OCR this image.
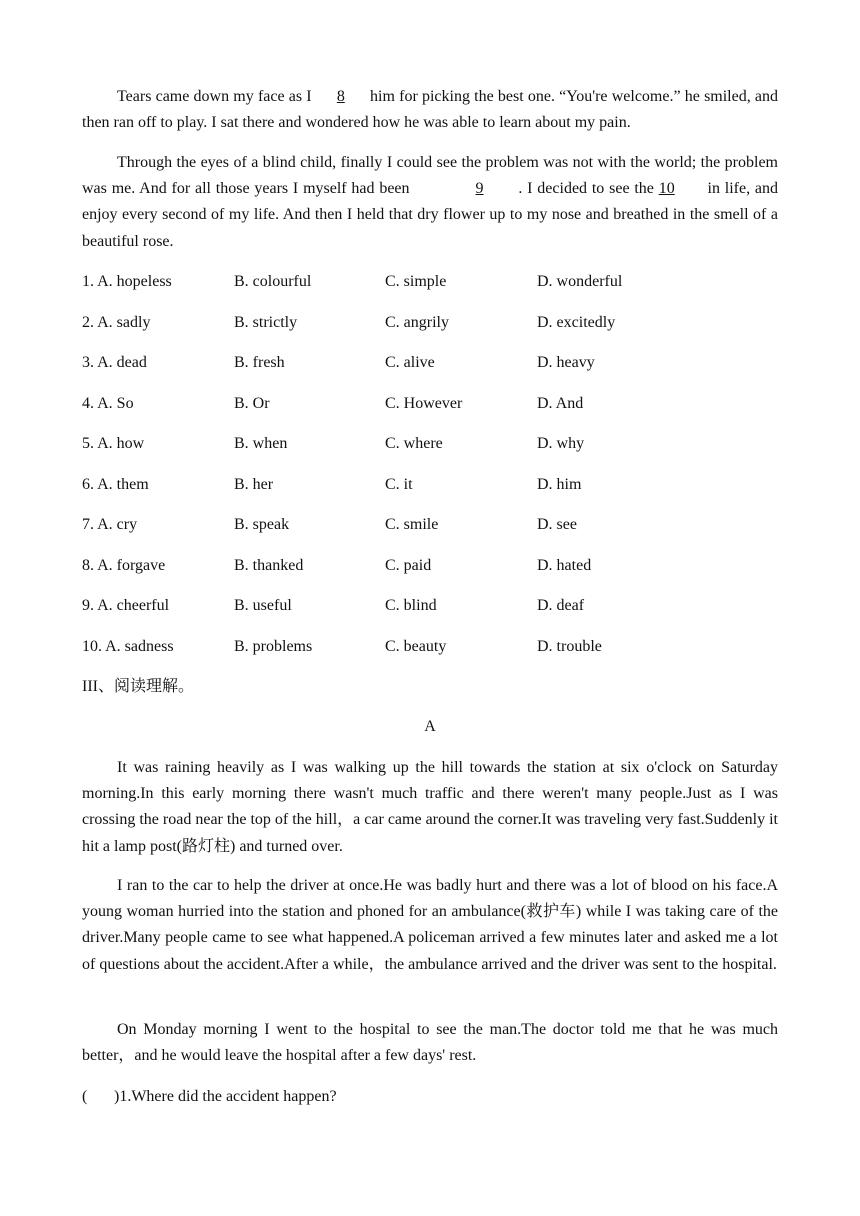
Tears came down my face as I 8 him for picking the best one. “You're welcome.” he smiled, and then ran off to play. I sat there and wondered how he was able to learn about my pain.

Through the eyes of a blind child, finally I could see the problem was not with the world; the problem was me. And for all those years I myself had been	9 . I decided to see the 10 in life, and enjoy every second of my life. And then I held that dry flower up to my nose and breathed in the smell of a beautiful rose.

1. A. hopeless	B. colourful	C. simple	D. wonderful
2. A. sadly	B. strictly	C. angrily	D. excitedly
3. A. dead	B. fresh	C. alive	D. heavy
4. A. So	B. Or	C. However	D. And
5. A. how	B. when	C. where	D. why
6. A. them	B. her	C. it	D. him
7. A. cry	B. speak	C. smile	D. see
8. A. forgave	B. thanked	C. paid	D. hated
9. A. cheerful	B. useful	C. blind	D. deaf
10. A. sadness	B. problems	C. beauty	D. trouble
III、阅读理解。
A

It was raining heavily as I was walking up the hill towards the station at six o'clock on Saturday morning.In this early morning there wasn't much traffic and there weren't many people.Just as I was crossing the road near the top of the hill，a car came around the corner.It was traveling very fast.Suddenly it hit a lamp post(路灯柱) and turned over.

I ran to the car to help the driver at once.He was badly hurt and there was a lot of blood on his face.A young woman hurried into the station and phoned for an ambulance(救护车) while I was taking care of the driver.Many people came to see what happened.A policeman arrived a few minutes later and asked me a lot of questions about the accident.After a while，the ambulance arrived and the driver was sent to the hospital.

On Monday morning I went to the hospital to see the man.The doctor told me that he was much better，and he would leave the hospital after a few days' rest.

( )1.Where did the accident happen?
